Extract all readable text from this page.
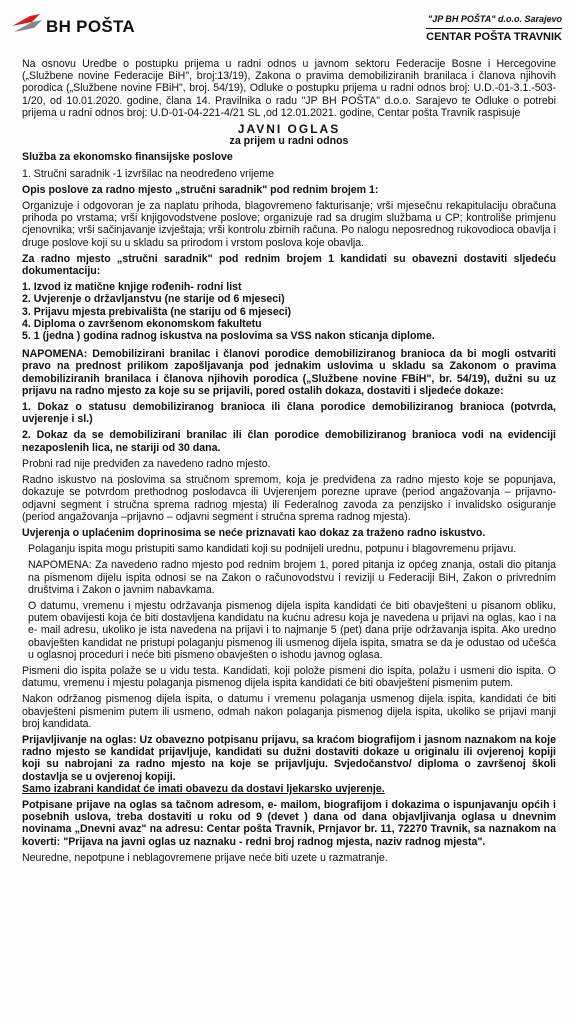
BH POŠTA	"JP BH POŠTA" d.o.o. Sarajevo
CENTAR POŠTA TRAVNIK

Na osnovu Uredbe o postupku prijema u radni odnos u javnom sektoru Federacije Bosne i Hercegovine („Službene novine Federacije BiH", broj:13/19), Zakona o pravima demobiliziranih branilaca i članova njihovih porodica („Službene novine FBiH", broj. 54/19), Odluke o postupku prijema u radni odnos broj: U.D.-01-3.1.-503-1/20, od 10.01.2020. godine, člana 14. Pravilnika o radu "JP BH POŠTA" d.o.o. Sarajevo te Odluke o potrebi prijema u radni odnos broj: U.D-01-04-221-4/21 SL ,od 12.01.2021. godine, Centar pošta Travnik raspisuje

JAVNI OGLAS
za prijem u radni odnos

Služba za ekonomsko finansijske poslove

1. Stručni saradnik -1 izvršilac na neodređeno vrijeme

Opis poslove za radno mjesto „stručni saradnik" pod rednim brojem 1:

Organizuje i odgovoran je za naplatu prihoda, blagovremeno fakturisanje; vrši mjesečnu rekapitulaciju obračuna prihoda po vrstama; vrši knjigovodstvene poslove; organizuje rad sa drugim službama u CP; kontroliše primjenu cjenovnika; vrši sačinjavanje izvještaja; vrši kontrolu zbirnih računa. Po nalogu neposrednog rukovodioca obavlja i druge poslove koji su u skladu sa prirodom i vrstom poslova koje obavlja.

Za radno mjesto „stručni saradnik" pod rednim brojem 1 kandidati su obavezni dostaviti sljedeću dokumentaciju:

1. Izvod iz matične knjige rođenih- rodni list
2. Uvjerenje o državljanstvu (ne starije od 6 mjeseci)
3. Prijavu mjesta prebivališta (ne stariju od 6 mjeseci)
4. Diploma o završenom ekonomskom fakultetu
5. 1 (jedna ) godina radnog iskustva na poslovima sa VSS nakon sticanja diplome.

NAPOMENA: Demobilizirani branilac i članovi porodice demobiliziranog branioca da bi mogli ostvariti pravo na prednost prilikom zapošljavanja pod jednakim uslovima u skladu sa Zakonom o pravima demobiliziranih branilaca i članova njihovih porodica („Službene novine FBiH", br. 54/19), dužni su uz prijavu na radno mjesto za koje su se prijavili, pored ostalih dokaza, dostaviti i sljedeće dokaze:

1. Dokaz o statusu demobiliziranog branioca ili člana porodice demobiliziranog branioca (potvrda, uvjerenje i sl.)

2. Dokaz da se demobilizirani branilac ili član porodice demobiliziranog branioca vodi na evidenciji nezaposlenih lica, ne stariji od 30 dana.

Probni rad nije predviđen za navedeno radno mjesto.

Radno iskustvo na poslovima sa stručnom spremom, koja je predviđena za radno mjesto koje se popunjava, dokazuje se potvrdom prethodnog poslodavca ili Uvjerenjem porezne uprave (period angažovanja – prijavno-odjavni segment i stručna sprema radnog mjesta) ili Federalnog zavoda za penzijsko i invalidsko osiguranje (period angažovanja –prijavno – odjavni segment i stručna sprema radnog mjesta).

Uvjerenja o uplaćenim doprinosima se neće priznavati kao dokaz za traženo radno iskustvo.

Polaganju ispita mogu pristupiti samo kandidati koji su podnijeli urednu, potpunu i blagovremenu prijavu.

NAPOMENA: Za navedeno radno mjesto pod rednim brojem 1, pored pitanja iz općeg znanja, ostali dio pitanja na pismenom dijelu ispita odnosi se na Zakon o računovodstvu i reviziji u Federaciji BiH, Zakon o privrednim društvima i Zakon o javnim nabavkama.

O datumu, vremenu i mjestu održavanja pismenog dijela ispita kandidati će biti obavješteni u pisanom obliku, putem obavijesti koja će biti dostavljena kandidatu na kućnu adresu koja je navedena u prijavi na oglas, kao i na e- mail adresu, ukoliko je ista navedena na prijavi i to najmanje 5 (pet) dana prije održavanja ispita. Ako uredno obavješten kandidat ne pristupi polaganju pismenog ili usmenog dijela ispita, smatra se da je odustao od učešća u oglasnoj proceduri i neće biti pismeno obavješten o ishodu javnog oglasa.

Pismeni dio ispita polaže se u vidu testa. Kandidati, koji polože pismeni dio ispita, polažu i usmeni dio ispita. O datumu, vremenu i mjestu polaganja pismenog dijela ispita kandidati će biti obavješteni pismenim putem.

Nakon održanog pismenog dijela ispita, o datumu i vremenu polaganja usmenog dijela ispita, kandidati će biti obavješteni pismenim putem ili usmeno, odmah nakon polaganja pismenog dijela ispita, ukoliko se prijavi manji broj kandidata.

Prijavljivanje na oglas: Uz obavezno potpisanu prijavu, sa kraćom biografijom i jasnom naznakom na koje radno mjesto se kandidat prijavljuje, kandidati su dužni dostaviti dokaze u originalu ili ovjerenoj kopiji koji su nabrojani za radno mjesto na koje se prijavljuju. Svjedočanstvo/ diploma o završenoj školi dostavlja se u ovjerenoj kopiji.

Samo izabrani kandidat će imati obavezu da dostavi ljekarsko uvjerenje.

Potpisane prijave na oglas sa tačnom adresom, e- mailom, biografijom i dokazima o ispunjavanju općih i posebnih uslova, treba dostaviti u roku od 9 (devet ) dana od dana objavljivanja oglasa u dnevnim novinama „Dnevni avaz" na adresu: Centar pošta Travnik, Prnjavor br. 11, 72270 Travnik, sa naznakom na koverti: "Prijava na javni oglas uz naznaku - redni broj radnog mjesta, naziv radnog mjesta".

Neuredne, nepotpune i neblagovremene prijave neće biti uzete u razmatranje.
